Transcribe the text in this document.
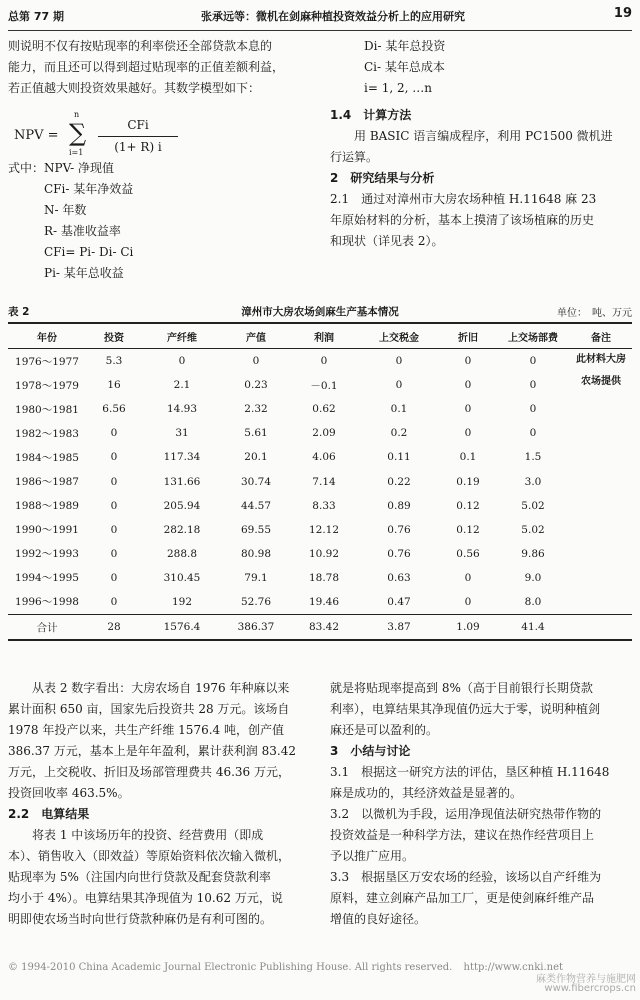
总第 77 期	张承远等：微机在剑麻种植投资效益分析上的应用研究	19
则说明不仅有按贴现率的利率偿还全部贷款本息的
能力，而且还可以得到超过贴现率的正值差额利益，
若正值越大则投资效果越好。其数学模型如下：
NPV =
n
∑
i=1
CFi
(1+ R) i
式中：NPV- 净现值
CFi- 某年净效益
N- 年数
R- 基准收益率
CFi= Pi- Di- Ci
Pi- 某年总收益
Di- 某年总投资
Ci- 某年总成本
i= 1, 2, …n
1.4　计算方法
用 BASIC 语言编成程序，利用 PC1500 微机进
行运算。
2　研究结果与分析
2.1　通过对漳州市大房农场种植 H.11648 麻 23
年原始材料的分析，基本上摸清了该场植麻的历史
和现状（详见表 2）。
表 2	漳州市大房农场剑麻生产基本情况	单位：　吨、万元
年份	投资	产纤维	产值	利润	上交税金	折旧	上交场部费	备注
1976～1977	5.3	0	0	0	0	0	0	此材料大房
农场提供

1978～1979	16	2.1	0.23	－0.1	0	0	0	
1980～1981	6.56	14.93	2.32	0.62	0.1	0	0	
1982～1983	0	31	5.61	2.09	0.2	0	0	
1984～1985	0	117.34	20.1	4.06	0.11	0.1	1.5	
1986～1987	0	131.66	30.74	7.14	0.22	0.19	3.0	
1988～1989	0	205.94	44.57	8.33	0.89	0.12	5.02	
1990～1991	0	282.18	69.55	12.12	0.76	0.12	5.02	
1992～1993	0	288.8	80.98	10.92	0.76	0.56	9.86	
1994～1995	0	310.45	79.1	18.78	0.63	0	9.0	
1996～1998	0	192	52.76	19.46	0.47	0	8.0	
合计	28	1576.4	386.37	83.42	3.87	1.09	41.4	
从表 2 数字看出：大房农场自 1976 年种麻以来
累计面积 650 亩，国家先后投资共 28 万元。该场自
1978 年投产以来，共生产纤维 1576.4 吨，创产值
386.37 万元，基本上是年年盈利，累计获利润 83.42
万元，上交税收、折旧及场部管理费共 46.36 万元，
投资回收率 463.5%。
2.2　电算结果
将表 1 中该场历年的投资、经营费用（即成
本）、销售收入（即效益）等原始资料依次输入微机，
贴现率为 5%（注国内向世行贷款及配套贷款利率
均小于 4%）。电算结果其净现值为 10.62 万元，说
明即使农场当时向世行贷款种麻仍是有利可图的。
就是将贴现率提高到 8%（高于目前银行长期贷款
利率），电算结果其净现值仍远大于零，说明种植剑
麻还是可以盈利的。
3　小结与讨论
3.1　根据这一研究方法的评估，垦区种植 H.11648
麻是成功的，其经济效益是显著的。
3.2　以微机为手段，运用净现值法研究热带作物的
投资效益是一种科学方法，建议在热作经营项目上
予以推广应用。
3.3　根据垦区万安农场的经验，该场以自产纤维为
原料，建立剑麻产品加工厂，更是使剑麻纤维产品
增值的良好途径。
© 1994-2010 China Academic Journal Electronic Publishing House. All rights reserved. http://www.cnki.net
麻类作物营养与施肥网
www.fibercrops.cn
